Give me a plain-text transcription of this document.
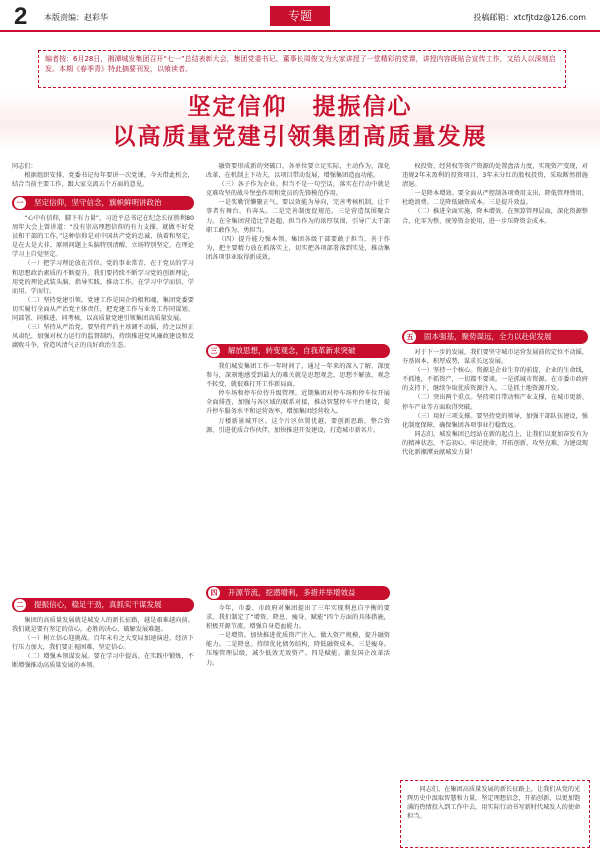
2 本版责编：赵彩华	专题	投稿邮箱：xtcfjtdz@126.com
编者按：6月28日，湘潭城发集团召开“七一”总结表彰大会，集团党委书记、董事长周俊文为大家讲授了一堂精彩的党课，讲授内容既贴合宣传工作，又给人以深刻启发。本期《春季青》特此摘要刊发，以飨读者。
坚定信仰　提振信心
以高质量党建引领集团高质量发展

同志们：

根据组织安排，党委书记每年要讲一次党课，今天借此机会，结合当前主要工作，跟大家交流五个方面的意见。

一	坚定信仰，坚守信念，旗帜鲜明讲政治

“心中有信仰，脚下有力量”，习近平总书记在纪念长征胜利80周年大会上曾讲道：“没有崇高理想信仰的有力支撑，就做不好党员和干部的工作。”这种信仰是对中国共产党的忠诚、执着和坚定，是在大是大非、原则问题上头脑特别清醒、立场特别坚定，在理论学习上自觉坚定。

（一）把学习理论放在首位。党的事业常青，在于党员的学习和思想政治素质的不断提升。我们要持续不断学习党的创新理论，用党的理论武装头脑、指导实践、推动工作。在学习中学而信、学而用、学而行。

（二）坚持党建引领。党建工作是国企的根和魂，集团党委要切实履行全面从严治党主体责任，把党建工作与业务工作同谋划、同部署、同推进、同考核，以高质量党建引领集团高质量发展。

（三）坚持从严治党。要坚持严的主基调不动摇，持之以恒正风肃纪，加强对权力运行的监督制约，持续推进党风廉政建设和反腐败斗争，营造风清气正的良好政治生态。

二	提振信心，稳足干劲，真抓实干谋发展

集团的高质量发展就是城发人的新长征路，越是艰难越向前。我们就是要有坚定的信心，必胜的决心，破解发展难题。

（一）树立信心迎挑战。百年未有之大变局加速演进，经济下行压力加大，我们要正视困难，坚定信心。

（二）增强本领谋发展。要在学习中提高、在实践中锻炼，不断增强推动高质量发展的本领。

融资要形成新的突破口，各单位要立足实际，主动作为，深化改革，在机制上下功夫，以项目带动发展，增强集团造血功能。

（三）各子作为企业。担当不是一句空话，落实在行动中就是克难攻坚的战斗堡垒作用和党员的先锋模范作用。

一是奖勤罚懒聚正气。要以效能为导向，完善考核机制，让干事者有舞台、有奔头。二是完善制度促规范。三是营造氛围聚合力。在全集团营造比学赶超、担当作为的浓厚氛围，引导广大干部职工敢作为、勇担当。

（四）提升能力强本领。集团各级干部要敢于担当、善于作为，把主要精力放在抓落实上，切实把各项部署落到实处，推动集团各项事业取得新成效。

三	解放思想，转变观念，自我革新求突破

我们城发集团工作一年时间了，通过一年来的深入了解、深度参与，深刻地感受到最大的难关就是思想观念，思想不解放，观念不转变，就很难打开工作新局面。

停车场和停车位待升级管理。近期集团对停车场和停车位开展全面排查，加强与各区域的联系对接，推动智慧停车平台建设，提升停车服务水平和运营效率，增加集团经营收入。

万楼新景城开区。这个片区位置优越，要创新思路，整合资源，引进优质合作伙伴，加快推进开发建设，打造城市新名片。

四	开源节流，挖潜增利，多措并举增效益

今年，市委、市政府对集团提出了三年实现利息自平衡的要求。我们制定了“增资、降息、瘦身、赋能”四个方面的具体措施，积极开源节流，增强自身造血能力。

一是增资。加快推进优质资产注入，做大资产规模，提升融资能力。二是降息。持续优化债务结构，降低融资成本。三是瘦身。压缩管理层级，减少低效无效资产。四是赋能。激发国企改革活力。

权投资、经营权等资产资源的处置盘活力度，实现资产变现，对违规2年未盈利的投资项目，3年未分红的股权投资，采取断然措施清退。

一是降本增效。要全面从严控制各项费用支出，降低管理费用，杜绝浪费。二是降低融资成本。三是提升效益。

（二）推进全面实施，降本增效。在预算管理层面，深化资源整合、化零为整，统筹资金使用，进一步压降资金成本。

五	固本强基，聚势谋远，全力以赴促发展

对于下一步的发展，我们要坚守城市运营发展前的定位不动摇，夯基固本，积厚成势，谋求长远发展。

（一）坚持一个核心。资源是企业生存的前提，企业的生命线，不抓地，不抓资产，一切都不要谈。一是抓城市资源。在市委市政府的支持下，继续争取优质资源注入。二是抓土地资源开发。

（二）突出两个重点。坚持项目带动和产业支撑，在城市更新、停车产业等方面取得突破。

（三）用好三项支撑。要坚持党的领导，加强干部队伍建设，强化制度保障，确保集团各项事业行稳致远。

同志们，城发集团已经站在新的起点上，让我们以更加奋发有为的精神状态，不忘初心、牢记使命，开拓创新、攻坚克难，为建设现代化新湘潭贡献城发力量！

同志们，在集团高质量发展的新长征路上，让我们从党的光辉历史中汲取智慧和力量，坚定理想信念，开拓创新，以更加饱满的热情投入到工作中去，用实际行动书写新时代城发人的使命担当。
